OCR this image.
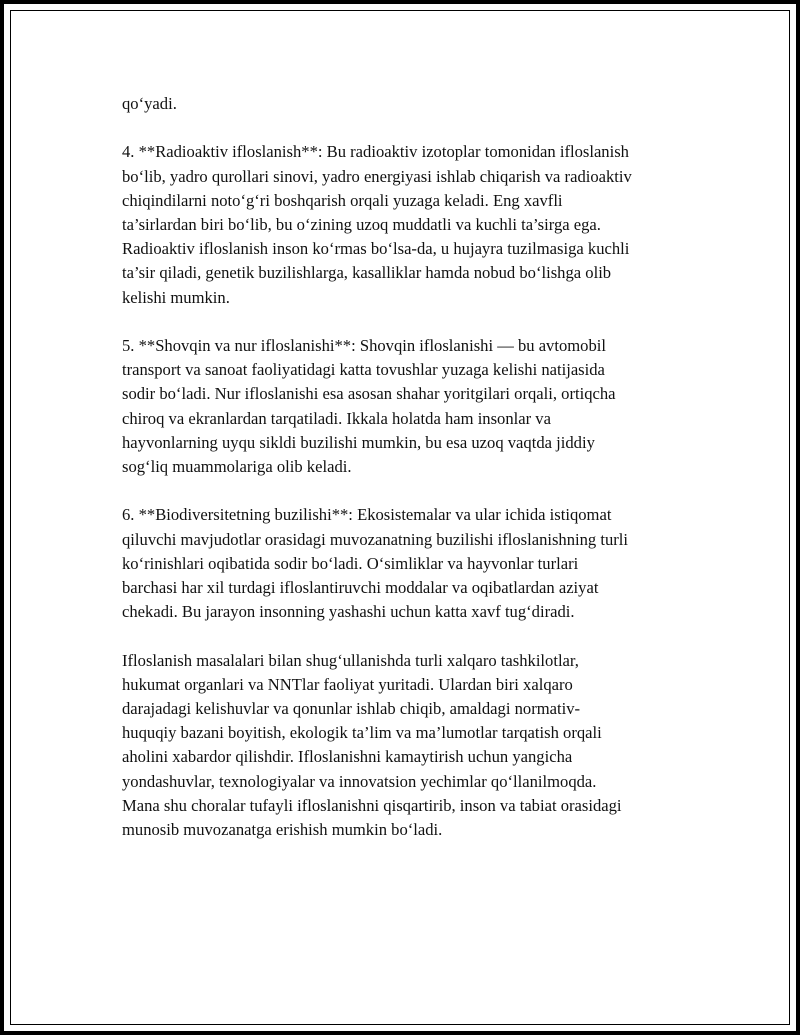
qo‘yadi.

4. **Radioaktiv ifloslanish**: Bu radioaktiv izotoplar tomonidan ifloslanish
bo‘lib, yadro qurollari sinovi, yadro energiyasi ishlab chiqarish va radioaktiv
chiqindilarni noto‘g‘ri boshqarish orqali yuzaga keladi. Eng xavfli
ta’sirlardan biri bo‘lib, bu o‘zining uzoq muddatli va kuchli ta’sirga ega.
Radioaktiv ifloslanish inson ko‘rmas bo‘lsa-da, u hujayra tuzilmasiga kuchli
ta’sir qiladi, genetik buzilishlarga, kasalliklar hamda nobud bo‘lishga olib
kelishi mumkin.

5. **Shovqin va nur ifloslanishi**: Shovqin ifloslanishi — bu avtomobil
transport va sanoat faoliyatidagi katta tovushlar yuzaga kelishi natijasida
sodir bo‘ladi. Nur ifloslanishi esa asosan shahar yoritgilari orqali, ortiqcha
chiroq va ekranlardan tarqatiladi. Ikkala holatda ham insonlar va
hayvonlarning uyqu sikldi buzilishi mumkin, bu esa uzoq vaqtda jiddiy
sog‘liq muammolariga olib keladi.

6. **Biodiversitetning buzilishi**: Ekosistemalar va ular ichida istiqomat
qiluvchi mavjudotlar orasidagi muvozanatning buzilishi ifloslanishning turli
ko‘rinishlari oqibatida sodir bo‘ladi. O‘simliklar va hayvonlar turlari
barchasi har xil turdagi ifloslantiruvchi moddalar va oqibatlardan aziyat
chekadi. Bu jarayon insonning yashashi uchun katta xavf tug‘diradi.

Ifloslanish masalalari bilan shug‘ullanishda turli xalqaro tashkilotlar,
hukumat organlari va NNTlar faoliyat yuritadi. Ulardan biri xalqaro
darajadagi kelishuvlar va qonunlar ishlab chiqib, amaldagi normativ-
huquqiy bazani boyitish, ekologik ta’lim va ma’lumotlar tarqatish orqali
aholini xabardor qilishdir. Ifloslanishni kamaytirish uchun yangicha
yondashuvlar, texnologiyalar va innovatsion yechimlar qo‘llanilmoqda.
Mana shu choralar tufayli ifloslanishni qisqartirib, inson va tabiat orasidagi
munosib muvozanatga erishish mumkin bo‘ladi.
